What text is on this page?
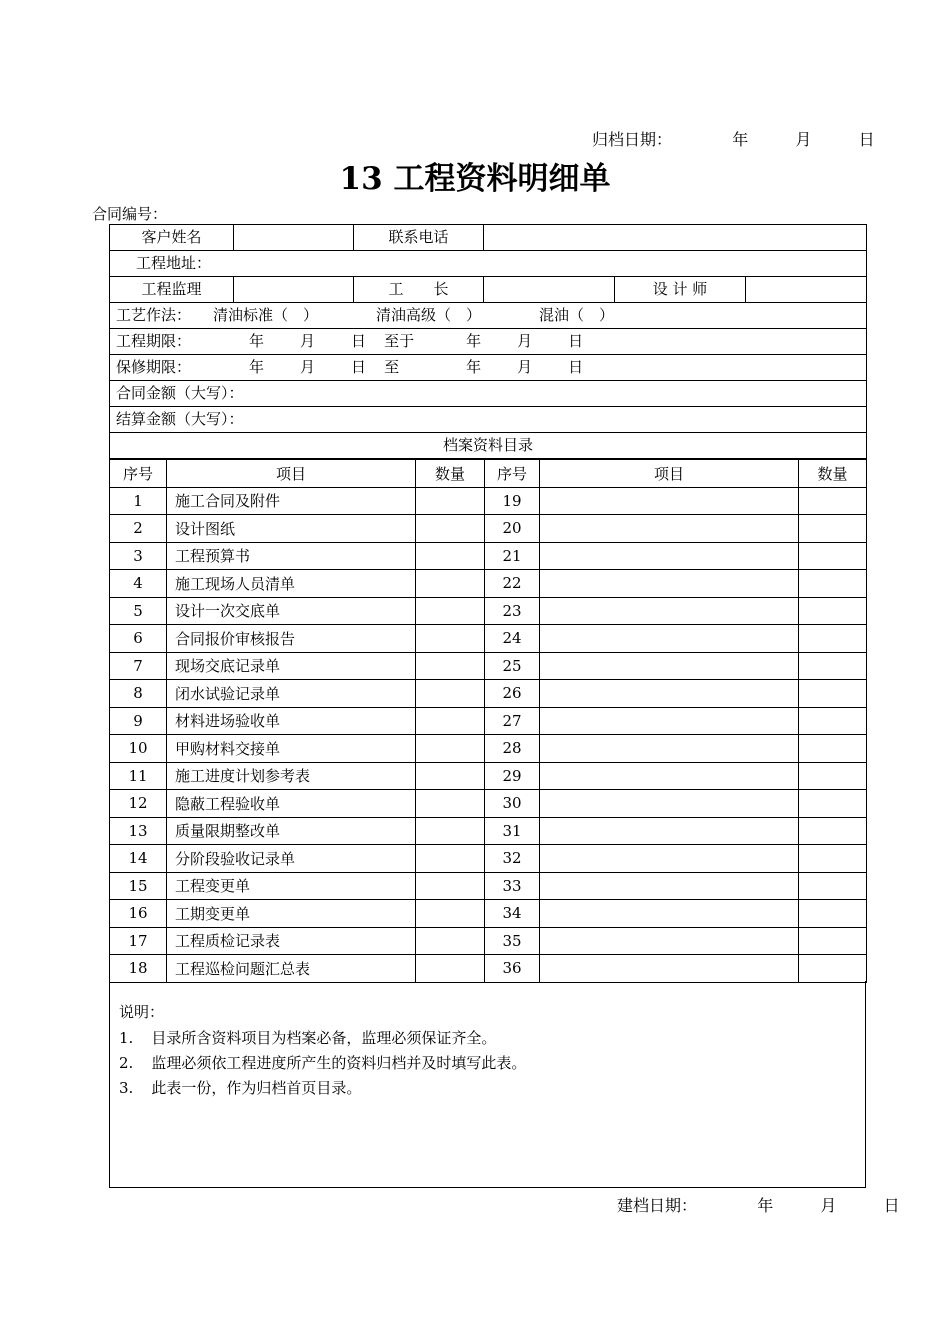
归档日期：	年	月	日
13 工程资料明细单
合同编号：
客户姓名		联系电话			
工程地址：					
工程监理		工　　长		设 计 师	
工艺作法： 清油标准（　） 清油高级（　） 混油（　）					
工程期限： 年 月 日 至于 年 月 日					
保修期限： 年 月 日 至 年 月 日					
合同金额（大写）：					
结算金额（大写）：					
档案资料目录					
序号	项目	数量	序号	项目	数量
1	施工合同及附件		19		
2	设计图纸		20		
3	工程预算书		21		
4	施工现场人员清单		22		
5	设计一次交底单		23		
6	合同报价审核报告		24		
7	现场交底记录单		25		
8	闭水试验记录单		26		
9	材料进场验收单		27		
10	甲购材料交接单		28		
11	施工进度计划参考表		29		
12	隐蔽工程验收单		30		
13	质量限期整改单		31		
14	分阶段验收记录单		32		
15	工程变更单		33		
16	工期变更单		34		
17	工程质检记录表		35		
18	工程巡检问题汇总表		36		
说明：
1. 目录所含资料项目为档案必备，监理必须保证齐全。
2. 监理必须依工程进度所产生的资料归档并及时填写此表。
3. 此表一份，作为归档首页目录。
建档日期：	年	月	日
